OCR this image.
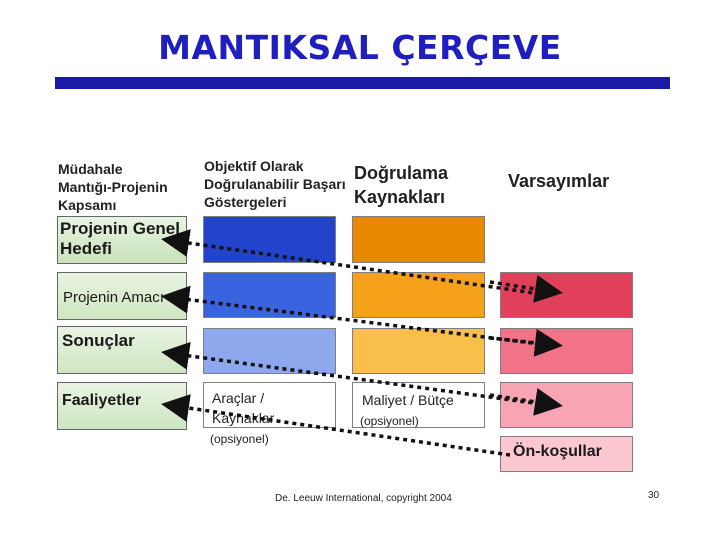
MANTIKSAL ÇERÇEVE
Müdahale Mantığı-Projenin Kapsamı
Objektif Olarak Doğrulanabilir Başarı Göstergeleri
Doğrulama
Kaynakları
Varsayımlar
Projenin Genel Hedefi
Projenin Amacı
Sonuçlar
Faaliyetler	Araçlar / Kaynaklar
(opsiyonel)
Maliyet / Bütçe
(opsiyonel)
Ön-koşullar
De. Leeuw International, copyright 2004	30
